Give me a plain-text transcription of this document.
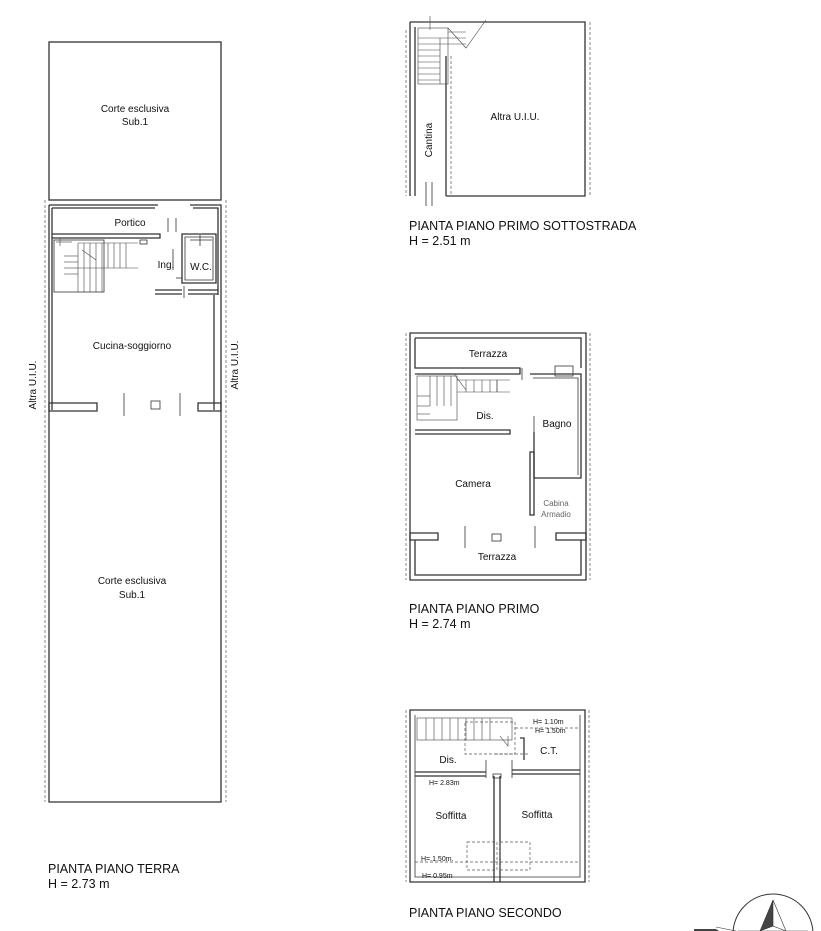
Corte esclusiva
Sub.1
Portico
Ing. W.C.
Cucina-soggiorno
Corte esclusiva
Sub.1
Altra U.I.U.	Altra U.I.U.
Cantina
Altra U.I.U.
Terrazza
Dis.
Bagno
Camera
Cabina
Armadio
Terrazza
H= 1.10m
H= 1.50m
Dis.
C.T.
H= 2.83m
Soffitta	Soffitta
H=.1.50m.
H= 0.95m
PIANTA PIANO TERRA
H = 2.73 m
PIANTA PIANO PRIMO SOTTOSTRADA
H = 2.51 m
PIANTA PIANO PRIMO
H = 2.74 m
PIANTA PIANO SECONDO
